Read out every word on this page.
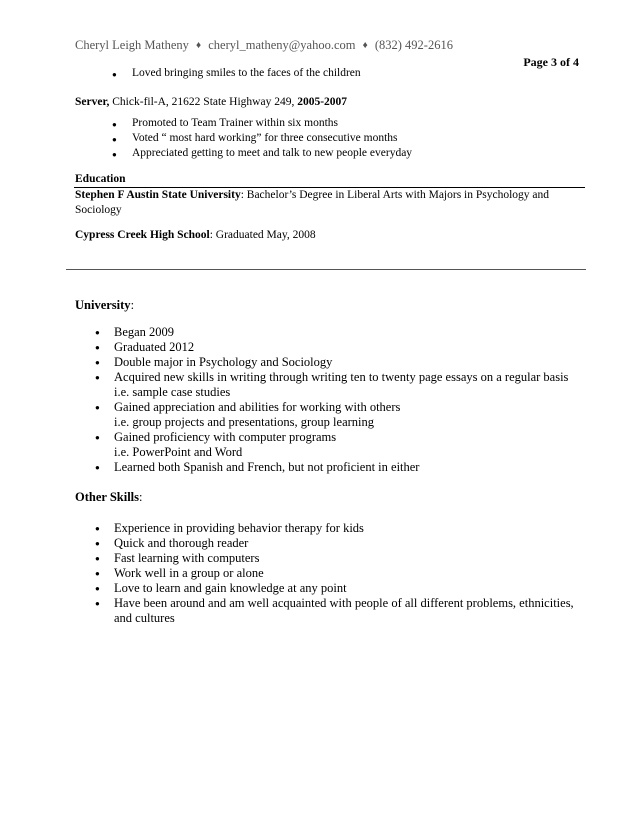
Cheryl Leigh Matheny ♦ cheryl_matheny@yahoo.com ♦ (832) 492-2616
Page 3 of 4
● Loved bringing smiles to the faces of the children
Server, Chick-fil-A, 21622 State Highway 249, 2005-2007
● Promoted to Team Trainer within six months
● Voted “ most hard working” for three consecutive months
● Appreciated getting to meet and talk to new people everyday
Education
Stephen F Austin State University: Bachelor’s Degree in Liberal Arts with Majors in Psychology and
Sociology
Cypress Creek High School: Graduated May, 2008
University:
● Began 2009
● Graduated 2012
● Double major in Psychology and Sociology
●	Acquired new skills in writing through writing ten to twenty page essays on a regular basis
i.e. sample case studies
●	Gained appreciation and abilities for working with others
i.e. group projects and presentations, group learning
●	Gained proficiency with computer programs
i.e. PowerPoint and Word
● Learned both Spanish and French, but not proficient in either
Other Skills:
● Experience in providing behavior therapy for kids
● Quick and thorough reader
● Fast learning with computers
● Work well in a group or alone
● Love to learn and gain knowledge at any point
●	Have been around and am well acquainted with people of all different problems, ethnicities,
and cultures
